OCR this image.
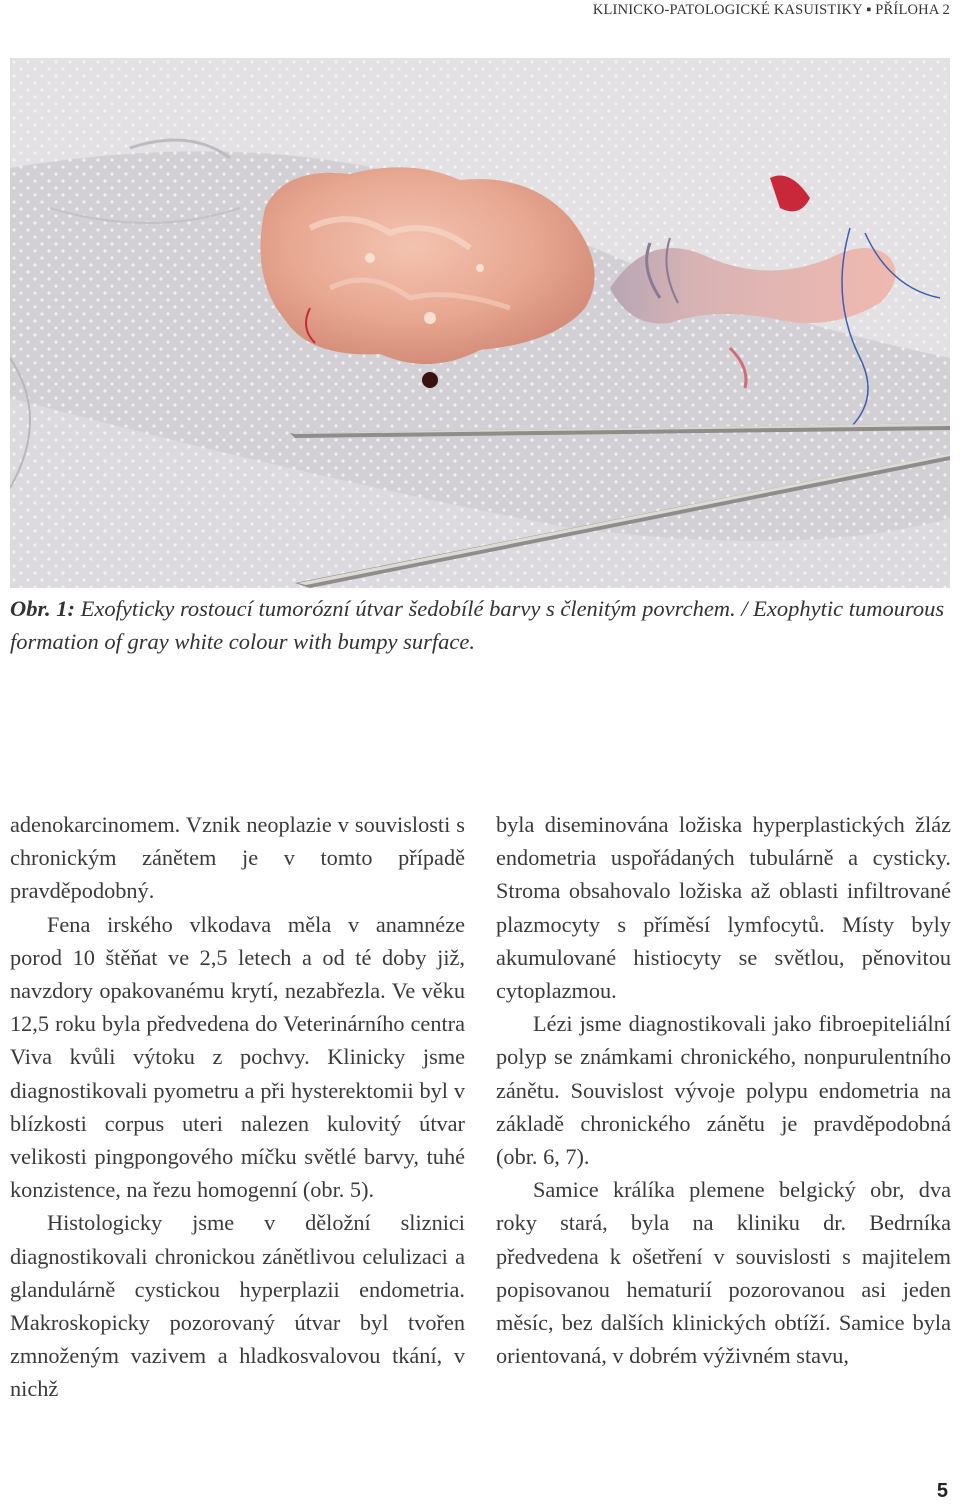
KLINICKO-PATOLOGICKÉ KASUISTIKY ▪ PŘÍLOHA 2
Obr. 1: Exofyticky rostoucí tumorózní útvar šedobílé barvy s členitým povrchem. / Exophytic tumourous formation of gray white colour with bumpy surface.

adenokarcinomem. Vznik neoplazie v souvislosti s chronickým zánětem je v tomto případě pravděpodobný.

Fena irského vlkodava měla v anamnéze porod 10 štěňat ve 2,5 letech a od té doby již, navzdory opakovanému krytí, nezabřezla. Ve věku 12,5 roku byla předvedena do Veterinárního centra Viva kvůli výtoku z pochvy. Klinicky jsme diagnostikovali pyometru a při hysterektomii byl v blízkosti corpus uteri nalezen kulovitý útvar velikosti pingpongového míčku světlé barvy, tuhé konzistence, na řezu homogenní (obr. 5).

Histologicky jsme v děložní sliznici diagnostikovali chronickou zánětlivou celulizaci a glandulárně cystickou hyperplazii endometria. Makroskopicky pozorovaný útvar byl tvořen zmnoženým vazivem a hladkosvalovou tkání, v nichž

byla diseminována ložiska hyperplastických žláz endometria uspořádaných tubulárně a cysticky. Stroma obsahovalo ložiska až oblasti infiltrované plazmocyty s příměsí lymfocytů. Místy byly akumulované histiocyty se světlou, pěnovitou cytoplazmou.

Lézi jsme diagnostikovali jako fibroepiteliální polyp se známkami chronického, nonpurulentního zánětu. Souvislost vývoje polypu endometria na základě chronického zánětu je pravděpodobná (obr. 6, 7).

Samice králíka plemene belgický obr, dva roky stará, byla na kliniku dr. Bedrníka předvedena k ošetření v souvislosti s majitelem popisovanou hematurií pozorovanou asi jeden měsíc, bez dalších klinických obtíží. Samice byla orientovaná, v dobrém výživném stavu,

5
